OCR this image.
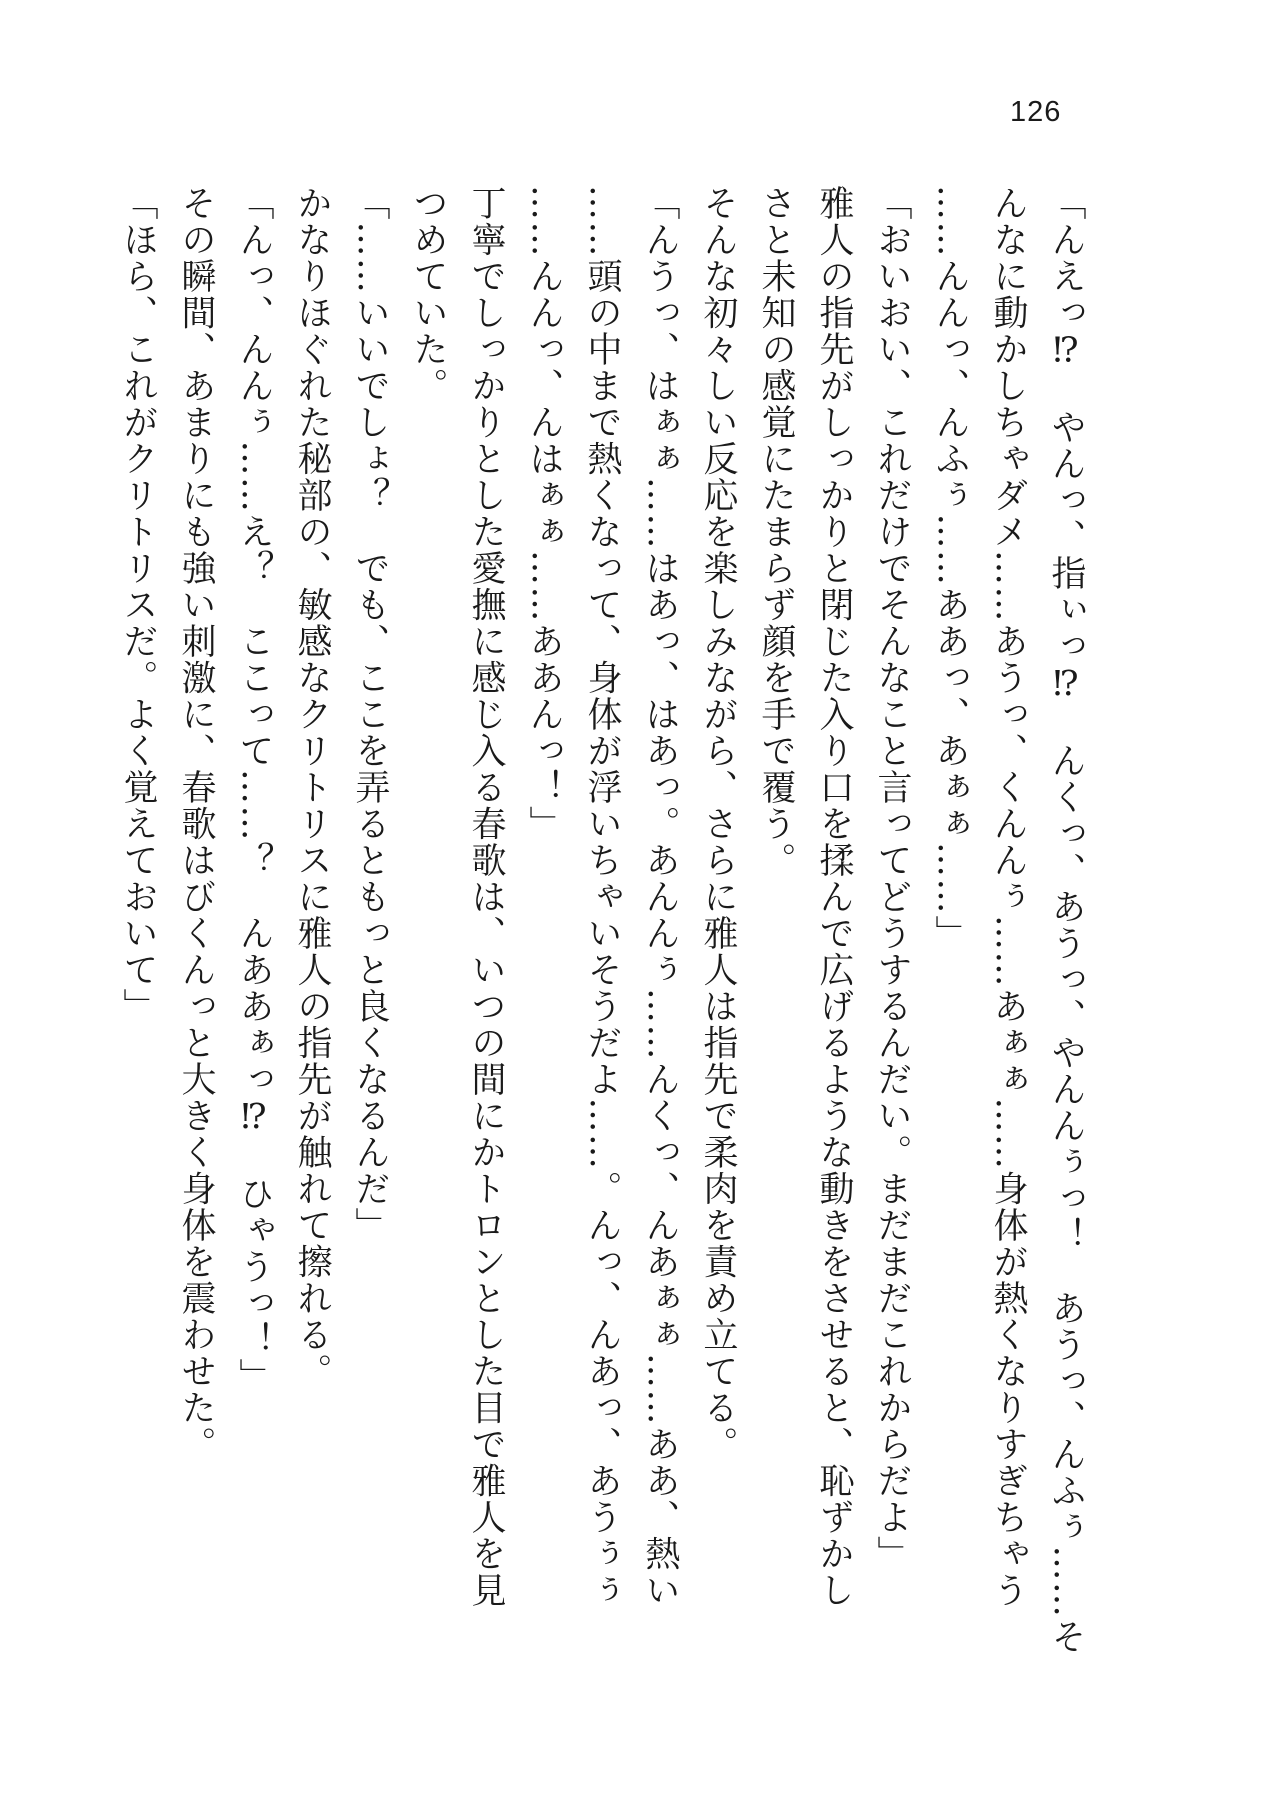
126
「んえっ⁉　やんっ、指ぃっ⁉　んくっ、あうっ、やんんぅっ！　あうっ、んふぅ……そ
んなに動かしちゃダメ……あうっ、くんんぅ……あぁぁ……身体が熱くなりすぎちゃう
……んんっ、んふぅ……ああっ、あぁぁ……」
「おいおい、これだけでそんなこと言ってどうするんだい。まだまだこれからだよ」
雅人の指先がしっかりと閉じた入り口を揉んで広げるような動きをさせると、恥ずかし
さと未知の感覚にたまらず顔を手で覆う。
そんな初々しい反応を楽しみながら、さらに雅人は指先で柔肉を責め立てる。
「んうっ、はぁぁ……はあっ、はあっ。あんんぅ……んくっ、んあぁぁ……ああ、熱い
……頭の中まで熱くなって、身体が浮いちゃいそうだよ……。んっ、んあっ、あうぅぅ
……んんっ、んはぁぁ……ああんっ！」
丁寧でしっかりとした愛撫に感じ入る春歌は、いつの間にかトロンとした目で雅人を見
つめていた。
「……いいでしょ？　でも、ここを弄るともっと良くなるんだ」
かなりほぐれた秘部の、敏感なクリトリスに雅人の指先が触れて擦れる。
「んっ、んんぅ……え？　ここって……？　んああぁっ⁉　ひゃうっ！」
その瞬間、あまりにも強い刺激に、春歌はびくんっと大きく身体を震わせた。
「ほら、これがクリトリスだ。よく覚えておいて」
